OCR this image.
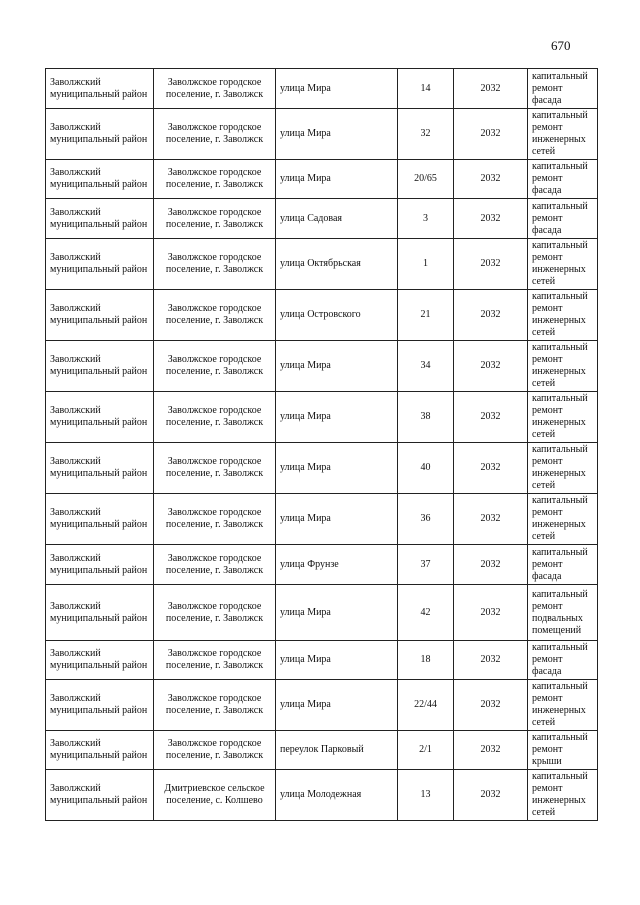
670
Заволжский муниципальный район	Заволжское городское поселение, г. Заволжск	улица Мира	14	2032	капитальный ремонт фасада
Заволжский муниципальный район	Заволжское городское поселение, г. Заволжск	улица Мира	32	2032	капитальный ремонт инженерных сетей
Заволжский муниципальный район	Заволжское городское поселение, г. Заволжск	улица Мира	20/65	2032	капитальный ремонт фасада
Заволжский муниципальный район	Заволжское городское поселение, г. Заволжск	улица Садовая	3	2032	капитальный ремонт фасада
Заволжский муниципальный район	Заволжское городское поселение, г. Заволжск	улица Октябрьская	1	2032	капитальный ремонт инженерных сетей
Заволжский муниципальный район	Заволжское городское поселение, г. Заволжск	улица Островского	21	2032	капитальный ремонт инженерных сетей
Заволжский муниципальный район	Заволжское городское поселение, г. Заволжск	улица Мира	34	2032	капитальный ремонт инженерных сетей
Заволжский муниципальный район	Заволжское городское поселение, г. Заволжск	улица Мира	38	2032	капитальный ремонт инженерных сетей
Заволжский муниципальный район	Заволжское городское поселение, г. Заволжск	улица Мира	40	2032	капитальный ремонт инженерных сетей
Заволжский муниципальный район	Заволжское городское поселение, г. Заволжск	улица Мира	36	2032	капитальный ремонт инженерных сетей
Заволжский муниципальный район	Заволжское городское поселение, г. Заволжск	улица Фрунзе	37	2032	капитальный ремонт фасада
Заволжский муниципальный район	Заволжское городское поселение, г. Заволжск	улица Мира	42	2032	капитальный ремонт подвальных помещений
Заволжский муниципальный район	Заволжское городское поселение, г. Заволжск	улица Мира	18	2032	капитальный ремонт фасада
Заволжский муниципальный район	Заволжское городское поселение, г. Заволжск	улица Мира	22/44	2032	капитальный ремонт инженерных сетей
Заволжский муниципальный район	Заволжское городское поселение, г. Заволжск	переулок Парковый	2/1	2032	капитальный ремонт крыши
Заволжский муниципальный район	Дмитриевское сельское поселение, с. Колшево	улица Молодежная	13	2032	капитальный ремонт инженерных сетей
